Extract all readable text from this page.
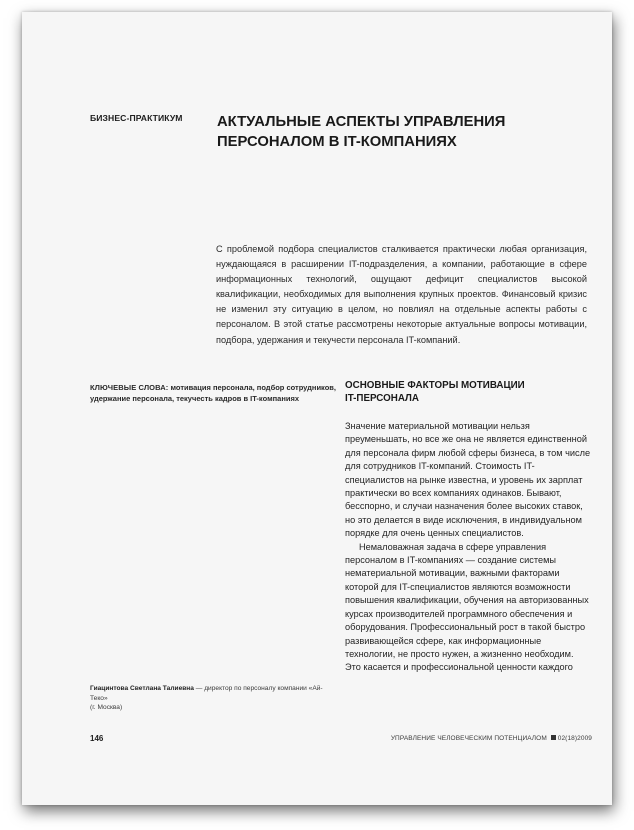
БИЗНЕС-ПРАКТИКУМ АКТУАЛЬНЫЕ АСПЕКТЫ УПРАВЛЕНИЯ
ПЕРСОНАЛОМ В IT-КОМПАНИЯХ

С проблемой подбора специалистов сталкивается практически любая организация, нуждающаяся в расширении IT-подразделения, а компании, работающие в сфере информационных технологий, ощущают дефицит специалистов высокой квалификации, необходимых для выполнения крупных проектов. Финансовый кризис не изменил эту ситуацию в целом, но повлиял на отдельные аспекты работы с персоналом. В этой статье рассмотрены некоторые актуальные вопросы мотивации, подбора, удержания и текучести персонала IT-компаний.

КЛЮЧЕВЫЕ СЛОВА: мотивация персонала, подбор сотрудников, удержание персонала, текучесть кадров в IT-компаниях
ОСНОВНЫЕ ФАКТОРЫ МОТИВАЦИИ
IT-ПЕРСОНАЛА

Значение материальной мотивации нельзя преуменьшать, но все же она не является единственной для персонала фирм любой сферы бизнеса, в том числе для сотрудников IT-компаний. Стоимость IT-специалистов на рынке известна, и уровень их зарплат практически во всех компаниях одинаков. Бывают, бесспорно, и случаи назначения более высоких ставок, но это делается в виде исключения, в индивидуальном порядке для очень ценных специалистов.

Немаловажная задача в сфере управления персоналом в IT-компаниях — создание системы нематериальной мотивации, важными факторами которой для IT-специалистов являются возможности повышения квалификации, обучения на авторизованных курсах производителей программного обеспечения и оборудования. Профессиональный рост в такой быстро развивающейся сфере, как информационные технологии, не просто нужен, а жизненно необходим. Это касается и профессиональной ценности каждого

Гиацинтова Светлана Талиевна — директор по персоналу компании «Ай-Теко»
(г. Москва)
146	УПРАВЛЕНИЕ ЧЕЛОВЕЧЕСКИМ ПОТЕНЦИАЛОМ 02(18)2009
